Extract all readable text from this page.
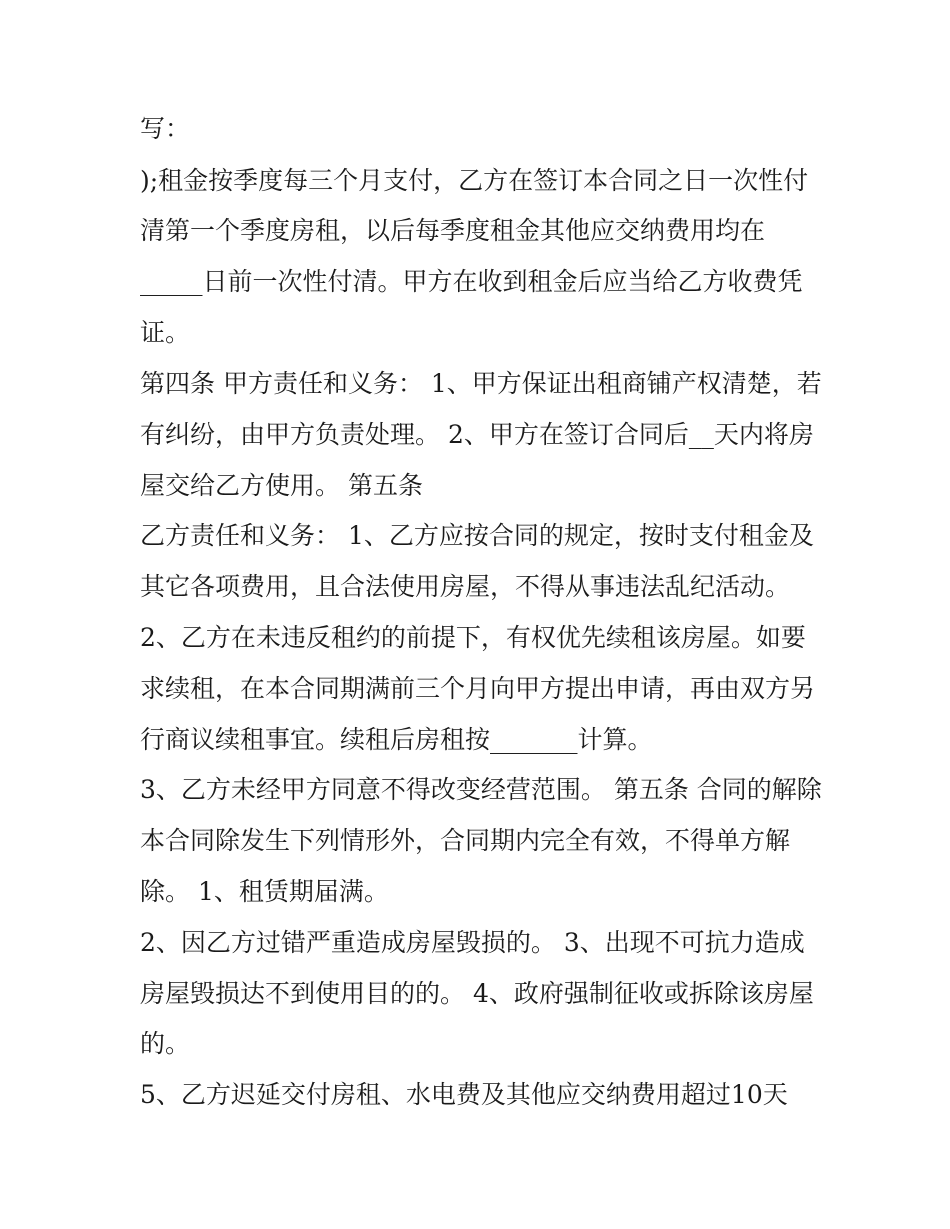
写：
);租金按季度每三个月支付，乙方在签订本合同之日一次性付
清第一个季度房租，以后每季度租金其他应交纳费用均在
_____日前一次性付清。甲方在收到租金后应当给乙方收费凭
证。
第四条 甲方责任和义务： 1、甲方保证出租商铺产权清楚，若
有纠纷，由甲方负责处理。 2、甲方在签订合同后__天内将房
屋交给乙方使用。 第五条
乙方责任和义务： 1、乙方应按合同的规定，按时支付租金及
其它各项费用，且合法使用房屋，不得从事违法乱纪活动。
2、乙方在未违反租约的前提下，有权优先续租该房屋。如要
求续租，在本合同期满前三个月向甲方提出申请，再由双方另
行商议续租事宜。续租后房租按_______计算。
3、乙方未经甲方同意不得改变经营范围。 第五条 合同的解除
本合同除发生下列情形外，合同期内完全有效，不得单方解
除。 1、租赁期届满。
2、因乙方过错严重造成房屋毁损的。 3、出现不可抗力造成
房屋毁损达不到使用目的的。 4、政府强制征收或拆除该房屋
的。
5、乙方迟延交付房租、水电费及其他应交纳费用超过10天
